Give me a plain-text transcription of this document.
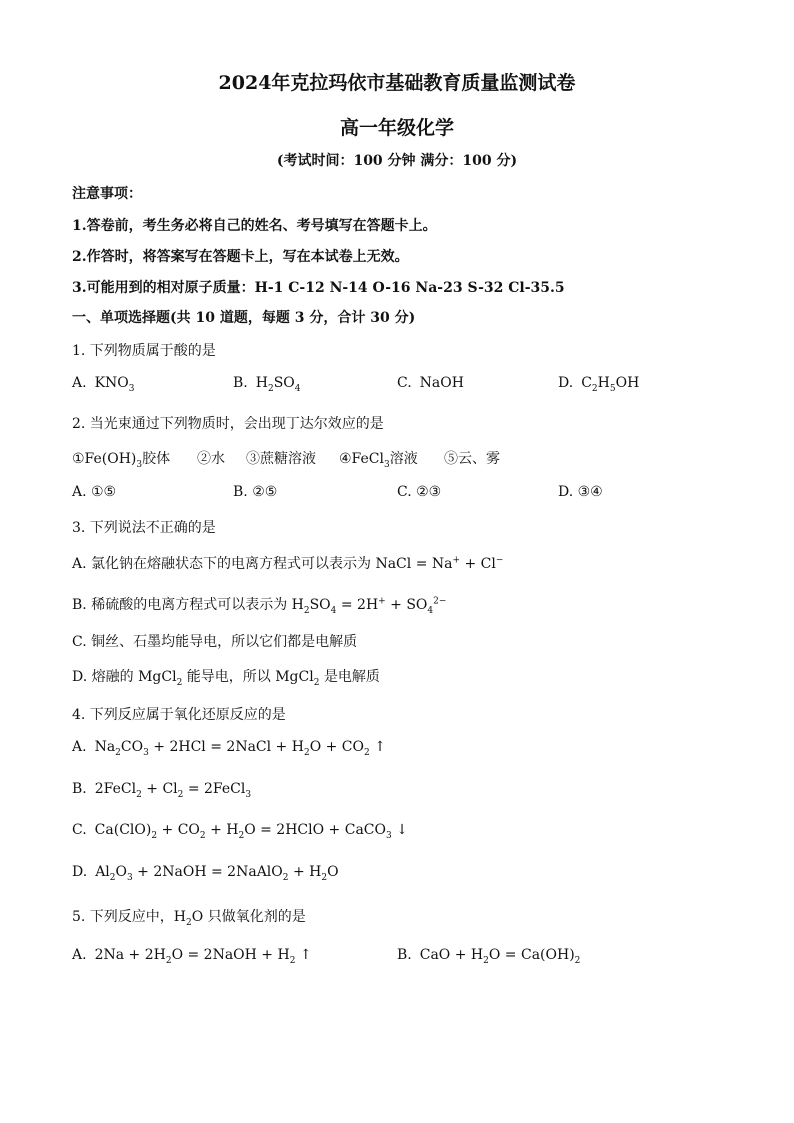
2024年克拉玛依市基础教育质量监测试卷
高一年级化学
(考试时间：100 分钟 满分：100 分)
注意事项：
1.答卷前，考生务必将自己的姓名、考号填写在答题卡上。
2.作答时，将答案写在答题卡上，写在本试卷上无效。
3.可能用到的相对原子质量：H-1 C-12 N-14 O-16 Na-23 S-32 Cl-35.5
一、单项选择题(共 10 道题，每题 3 分，合计 30 分)
1. 下列物质属于酸的是
A. $KNO_3$	B. $H_2SO_4$	C. NaOH	D. $C_2H_5OH$
2. 当光束通过下列物质时，会出现丁达尔效应的是
$①Fe(OH)_3$胶体 ②水 ③蔗糖溶液 ④FeCl$_3$溶液 ⑤云、雾
A. ①⑤	B. ②⑤	C. ②③	D. ③④
3. 下列说法不正确的是
A. 氯化钠在熔融状态下的电离方程式可以表示为 NaCl = Na+ + Cl−
B. 稀硫酸的电离方程式可以表示为 $H_2SO_4 = 2H^+ + SO_4^{2-}$
C. 铜丝、石墨均能导电，所以它们都是电解质
D. 熔融的 MgCl$_2$ 能导电，所以 MgCl$_2$ 是电解质
4. 下列反应属于氧化还原反应的是
A. $Na_2CO_3 + 2HCl$ = 2NaCl + $H_2O + CO_2$ ↑
B. 2FeCl$_2$ + $Cl_2$ = 2FeCl$_3$
C. $Ca(ClO)_2 + CO_2 + H_2O$ = 2HClO + CaCO$_3$ ↓
D. $Al_2O_3$ + 2NaOH = 2NaAlO$_2$ + $H_2O$
5. 下列反应中，$H_2O$ 只做氧化剂的是
A. $2Na + 2H_2O$ = 2NaOH + $H_2$ ↑	B. CaO + $H_2O = Ca(OH)_2$
